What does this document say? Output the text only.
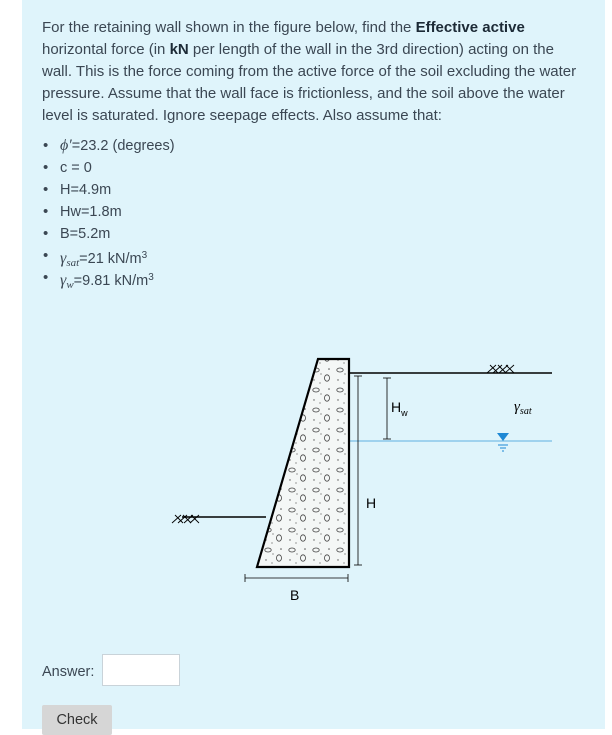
For the retaining wall shown in the figure below, find the Effective active horizontal force (in kN per length of the wall in the 3rd direction) acting on the wall. This is the force coming from the active force of the soil excluding the water pressure. Assume that the wall face is frictionless, and the soil above the water level is saturated. Ignore seepage effects. Also assume that:

• ϕ′=23.2 (degrees)
• c = 0
• H=4.9m
• Hw=1.8m
• B=5.2m
• $\gamma_{sat}=21$ $kN/m^3$
• $\gamma_w=9.81$ $kN/m^3$
$H_w$
H
B
$\gamma_{sat}$
Answer:
Check
